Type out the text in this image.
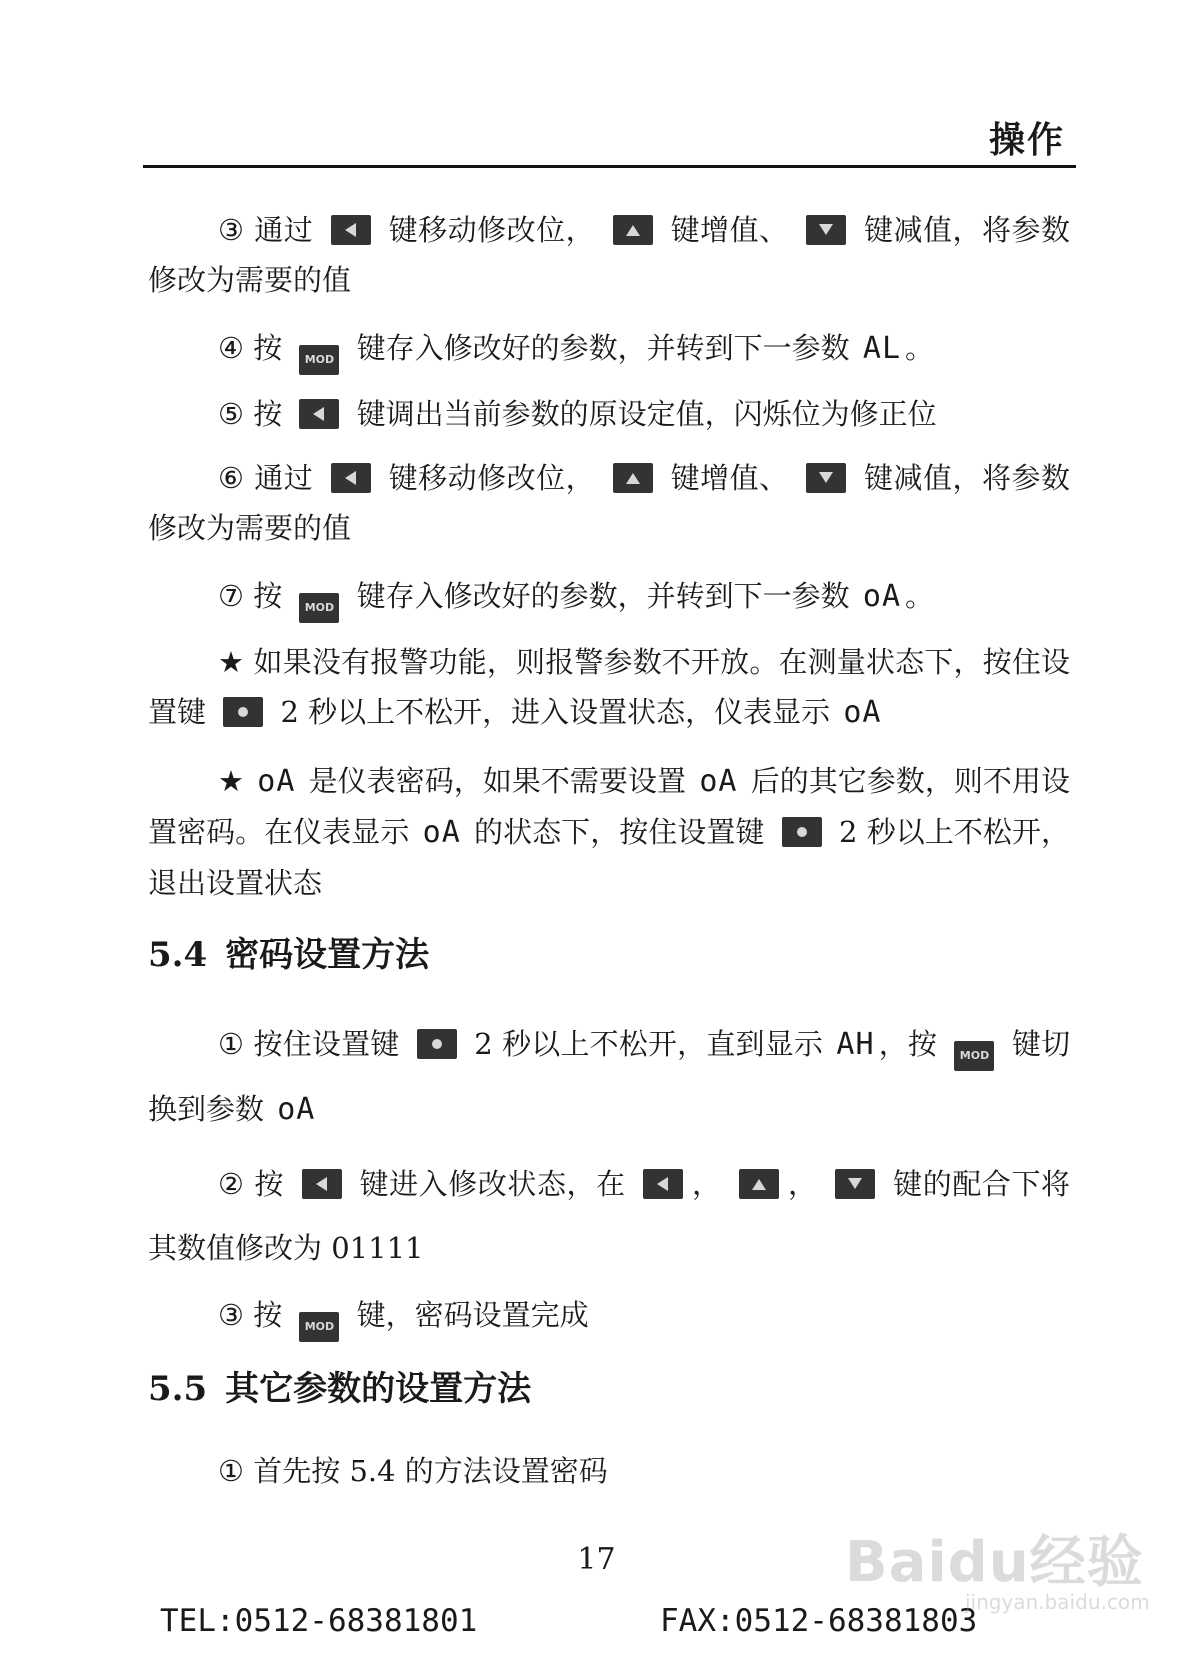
操作

③ 通过	键移动修改位，	键增值、	键减值，将参数修改为需要的值

④ 按	MOD 键存入修改好的参数，并转到下一参数 AL 。

⑤ 按	键调出当前参数的原设定值，闪烁位为修正位

⑥ 通过	键移动修改位，	键增值、	键减值，将参数修改为需要的值

⑦ 按	MOD 键存入修改好的参数，并转到下一参数 oA 。

★ 如果没有报警功能，则报警参数不开放。在测量状态下，按住设置键	2 秒以上不松开，进入设置状态，仪表显示 oA

★ oA 是仪表密码，如果不需要设置 oA 后的其它参数，则不用设置密码。在仪表显示 oA 的状态下，按住设置键	2 秒以上不松开，退出设置状态

5.4 密码设置方法

① 按住设置键	2 秒以上不松开，直到显示 AH ，按	MOD 键切换到参数 oA

② 按	键进入修改状态，在 ， ，	键的配合下将其数值修改为 01111

③ 按	MOD 键，密码设置完成

5.5 其它参数的设置方法

① 首先按 5.4 的方法设置密码

17
TEL:0512-68381801	FAX:0512-68381803
Baidu经验
jingyan.baidu.com
